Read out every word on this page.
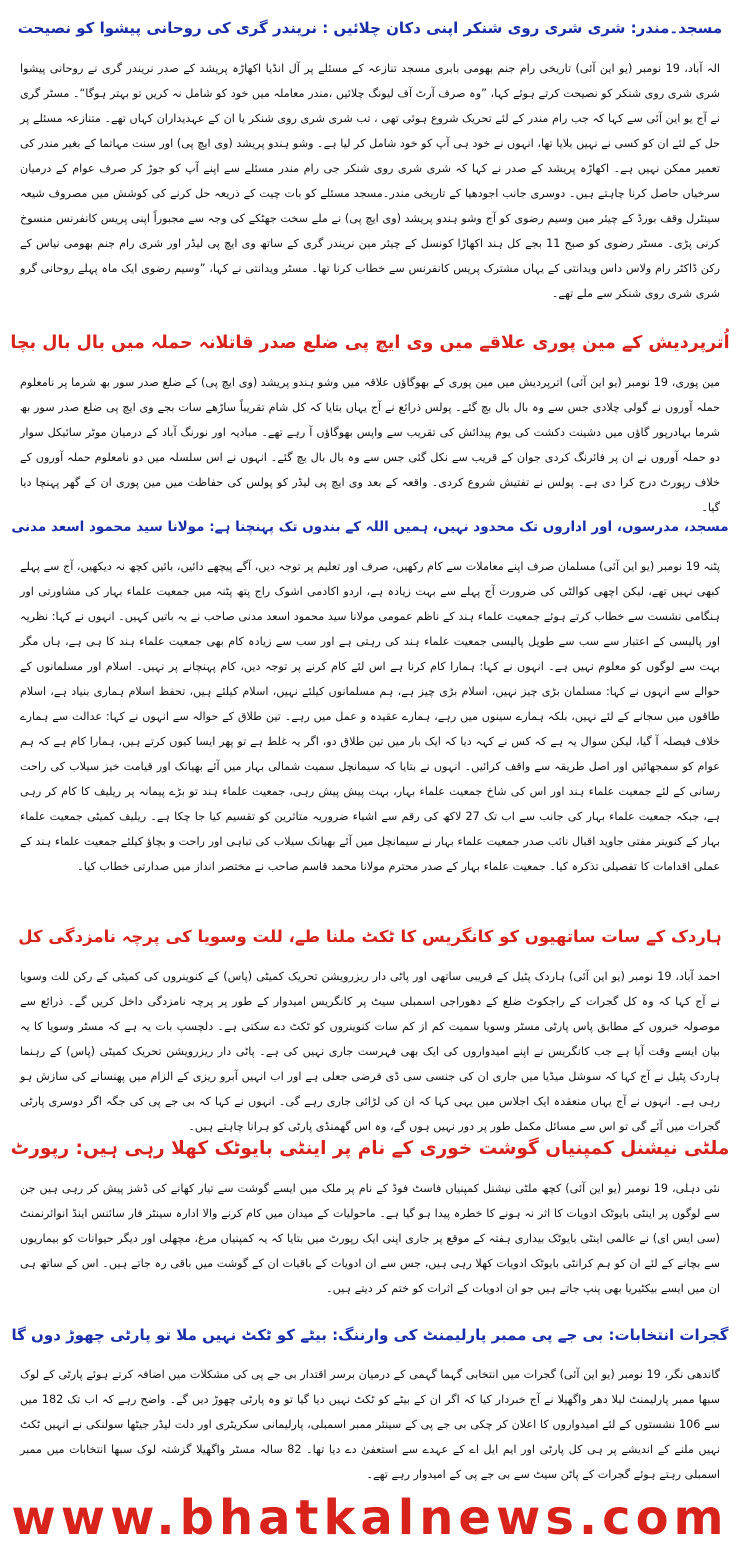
مسجد۔مندر: شری شری روی شنکر اپنی دکان چلائیں : نریندر گری کی روحانی پیشوا کو نصیحت

الہ آباد، 19 نومبر (یو این آئی) تاریخی رام جنم بھومی بابری مسجد تنازعہ کے مسئلے پر آل انڈیا اکھاڑہ پریشد کے صدر نریندر گری نے روحانی پیشوا شری شری روی شنکر کو نصیحت کرتے ہوئے کہا، ”وہ صرف آرٹ آف لیونگ چلائیں ،مندر معاملہ میں خود کو شامل نہ کریں تو بہتر ہوگا“۔ مسٹر گری نے آج یو این آئی سے کہا کہ جب رام مندر کے لئے تحریک شروع ہوئی تھی ، تب شری شری روی شنکر یا ان کے عہدیداران کہاں تھے۔ متنازعہ مسئلے پر حل کے لئے ان کو کسی نے نہیں بلایا تھا، انہوں نے خود ہی آپ کو خود شامل کر لیا ہے۔ وشو ہندو پریشد (وی ایچ پی) اور سنت مہاتما کے بغیر مندر کی تعمیر ممکن نہیں ہے۔ اکھاڑہ پریشد کے صدر نے کہا کہ شری شری روی شنکر جی رام مندر مسئلے سے اپنے آپ کو جوڑ کر صرف عوام کے درمیان سرخیاں حاصل کرنا چاہتے ہیں۔ دوسری جانب اجودھیا کے تاریخی مندر۔مسجد مسئلے کو بات چیت کے ذریعہ حل کرنے کی کوشش میں مصروف شیعہ سینٹرل وقف بورڈ کے چیئر مین وسیم رضوی کو آج وشو ہندو پریشد (وی ایچ پی) نے ملے سخت جھٹکے کی وجہ سے مجبوراً اپنی پریس کانفرنس منسوخ کرنی پڑی۔ مسٹر رضوی کو صبح 11 بجے کل ہند اکھاڑا کونسل کے چیئر مین نریندر گری کے ساتھ وی ایچ پی لیڈر اور شری رام جنم بھومی نیاس کے رکن ڈاکٹر رام ولاس داس ویدانتی کے یہاں مشترک پریس کانفرنس سے خطاب کرنا تھا۔ مسٹر ویدانتی نے کہا، ”وسیم رضوی ایک ماہ پہلے روحانی گرو شری شری روی شنکر سے ملے تھے۔

اُترپردیش کے مین پوری علاقے میں وی ایچ پی ضلع صدر قاتلانہ حملہ میں بال بال بچا

مین پوری، 19 نومبر (یو این آئی) اترپردیش میں مین پوری کے بھوگاؤں علاقہ میں وشو ہندو پریشد (وی ایچ پی) کے ضلع صدر سور بھ شرما پر نامعلوم حملہ آوروں نے گولی چلادی جس سے وہ بال بال بچ گئے۔ پولس ذرائع نے آج یہاں بتایا کہ کل شام تقریباً ساڑھے سات بجے وی ایچ پی ضلع صدر سور بھ شرما بہادرپور گاؤں میں دشینت دکشت کی یوم پیدائش کی تقریب سے واپس بھوگاؤں آ رہے تھے۔ مبادیہ اور نورنگ آباد کے درمیان موٹر سائیکل سوار دو حملہ آوروں نے ان پر فائرنگ کردی جوان کے قریب سے نکل گئی جس سے وہ بال بال بچ گئے۔ انہوں نے اس سلسلہ میں دو نامعلوم حملہ آوروں کے خلاف رپورٹ درج کرا دی ہے۔ پولس نے تفتیش شروع کردی۔ واقعہ کے بعد وی ایچ پی لیڈر کو پولس کی حفاظت میں مین پوری ان کے گھر پہنچا دیا گیا۔

مسجد، مدرسوں، اور اداروں تک محدود نہیں، ہمیں اللہ کے بندوں تک پہنچنا ہے: مولانا سید محمود اسعد مدنی

پٹنہ 19 نومبر (یو این آئی) مسلمان صرف اپنے معاملات سے کام رکھیں، صرف اور تعلیم پر توجہ دیں، آگے پیچھے دائیں، بائیں کچھ نہ دیکھیں، آج سے پہلے کبھی نہیں تھے، لیکن اچھی کوالٹی کی ضرورت آج پہلے سے بہت زیادہ ہے، اردو اکادمی اشوک راج پتھ پٹنہ میں جمعیت علماء بہار کی مشاورتی اور ہنگامی نشست سے خطاب کرتے ہوئے جمعیت علماء ہند کے ناظم عمومی مولانا سید محمود اسعد مدنی صاحب نے یہ باتیں کہیں۔ انہوں نے کہا: نظریہ اور پالیسی کے اعتبار سے سب سے طویل پالیسی جمعیت علماء ہند کی رہتی ہے اور سب سے زیادہ کام بھی جمعیت علماء ہند کا ہی ہے، ہاں مگر بہت سے لوگوں کو معلوم نہیں ہے۔ انہوں نے کہا: ہمارا کام کرنا ہے اس لئے کام کرنے پر توجہ دیں، کام پہنچانے پر نہیں۔ اسلام اور مسلمانوں کے حوالے سے انہوں نے کہا: مسلمان بڑی چیز نہیں، اسلام بڑی چیز ہے، ہم مسلمانوں کیلئے نہیں، اسلام کیلئے ہیں، تحفظ اسلام ہماری بنیاد ہے، اسلام طاقوں میں سجانے کے لئے نہیں، بلکہ ہمارے سینوں میں رہے، ہمارے عقیدہ و عمل میں رہے۔ تین طلاق کے حوالہ سے انہوں نے کہا: عدالت سے ہمارے خلاف فیصلہ آ گیا، لیکن سوال یہ ہے کہ کس نے کہہ دیا کہ ایک بار میں تین طلاق دو، اگر یہ غلط ہے تو پھر ایسا کیوں کرتے ہیں، ہمارا کام ہے کہ ہم عوام کو سمجھائیں اور اصل طریقہ سے واقف کرائیں۔ انہوں نے بتایا کہ سیمانچل سمیت شمالی بہار میں آئے بھیانک اور قیامت خیز سیلاب کی راحت رسانی کے لئے جمعیت علماء ہند اور اس کی شاخ جمعیت علماء بہار، بہت پیش پیش رہی، جمعیت علماء ہند تو بڑے پیمانہ پر ریلیف کا کام کر رہی ہے، جبکہ جمعیت علماء بہار کی جانب سے اب تک 27 لاکھ کی رقم سے اشیاء ضروریہ متاثرین کو تقسیم کیا جا چکا ہے۔ ریلیف کمیٹی جمعیت علماء بہار کے کنوینر مفتی جاوید اقبال نائب صدر جمعیت علماء بہار نے سیمانچل میں آئے بھیانک سیلاب کی تباہی اور راحت و بچاؤ کیلئے جمعیت علماء ہند کے عملی اقدامات کا تفصیلی تذکرہ کیا۔ جمعیت علماء بہار کے صدر محترم مولانا محمد قاسم صاحب نے مختصر انداز میں صدارتی خطاب کیا۔

ہاردک کے سات ساتھیوں کو کانگریس کا ٹکٹ ملنا طے، للت وسویا کی پرچہ نامزدگی کل

احمد آباد، 19 نومبر (یو این آئی) ہاردک پٹیل کے قریبی ساتھی اور پاٹی دار ریزرویشن تحریک کمیٹی (پاس) کے کنوینروں کی کمیٹی کے رکن للت وسویا نے آج کہا کہ وہ کل گجرات کے راجکوٹ ضلع کے دھوراجی اسمبلی سیٹ پر کانگریس امیدوار کے طور پر پرچہ نامزدگی داخل کریں گے۔ ذرائع سے موصولہ خبروں کے مطابق پاس پارٹی مسٹر وسویا سمیت کم از کم سات کنوینروں کو ٹکٹ دے سکتی ہے۔ دلچسپ بات یہ ہے کہ مسٹر وسویا کا یہ بیان ایسے وقت آیا ہے جب کانگریس نے اپنے امیدواروں کی ایک بھی فہرست جاری نہیں کی ہے۔ پاٹی دار ریزرویشن تحریک کمیٹی (پاس) کے رہنما ہاردک پٹیل نے آج کہا کہ سوشل میڈیا میں جاری ان کی جنسی سی ڈی فرضی جعلی ہے اور اب انہیں آبرو ریزی کے الزام میں پھنسانے کی سازش ہو رہی ہے۔ انہوں نے آج یہاں منعقدہ ایک اجلاس میں یہی کہا کہ ان کی لڑائی جاری رہے گی۔ انہوں نے کہا کہ بی جے پی کی جگہ اگر دوسری پارٹی گجرات میں آئے گی تو اس سے مسائل مکمل طور پر دور نہیں ہوں گے، وہ اس گھمنڈی پارٹی کو ہرانا چاہتے ہیں۔

ملٹی نیشنل کمپنیاں گوشت خوری کے نام پر اینٹی بایوٹک کھلا رہی ہیں: رپورٹ

نئی دہلی، 19 نومبر (یو این آئی) کچھ ملٹی نیشنل کمپنیاں فاسٹ فوڈ کے نام پر ملک میں ایسے گوشت سے تیار کھانے کی ڈشز پیش کر رہی ہیں جن سے لوگوں پر اینٹی بایوٹک ادویات کا اثر نہ ہونے کا خطرہ پیدا ہو گیا ہے۔ ماحولیات کے میدان میں کام کرنے والا ادارہ سینٹر فار سائنس اینڈ انوائرنمنٹ (سی ایس ای) نے عالمی اینٹی بایوٹک بیداری ہفتہ کے موقع پر جاری اپنی ایک رپورٹ میں بتایا کہ یہ کمپنیاں مرغ، مچھلی اور دیگر حیوانات کو بیماریوں سے بچانے کے لئے ان کو ہم کرانٹی بایوٹک ادویات کھلا رہی ہیں، جس سے ان ادویات کے باقیات ان کے گوشت میں باقی رہ جاتے ہیں۔ اس کے ساتھ ہی ان میں ایسے بیکٹیریا بھی پنپ جاتے ہیں جو ان ادویات کے اثرات کو ختم کر دیتے ہیں۔

گجرات انتخابات: بی جے پی ممبر پارلیمنٹ کی وارننگ: بیٹے کو ٹکٹ نہیں ملا تو پارٹی چھوڑ دوں گا

گاندھی نگر، 19 نومبر (یو این آئی) گجرات میں انتخابی گہما گہمی کے درمیان برسر اقتدار بی جے پی کی مشکلات میں اضافہ کرتے ہوئے پارٹی کے لوک سبھا ممبر پارلیمنٹ لیلا دھر واگھیلا نے آج خبردار کیا کہ اگر ان کے بیٹے کو ٹکٹ نہیں دیا گیا تو وہ پارٹی چھوڑ دیں گے۔ واضح رہے کہ اب تک 182 میں سے 106 نشستوں کے لئے امیدواروں کا اعلان کر چکی بی جے پی کے سینئر ممبر اسمبلی، پارلیمانی سکریٹری اور دلت لیڈر جیٹھا سولنکی نے انہیں ٹکٹ نہیں ملنے کے اندیشے پر ہی کل پارٹی اور ایم ایل اے کے عہدے سے استعفیٰ دے دیا تھا۔ 82 سالہ مسٹر واگھیلا گزشتہ لوک سبھا انتخابات میں ممبر اسمبلی رہتے ہوئے گجرات کے پاٹن سیٹ سے بی جے پی کے امیدوار رہے تھے۔

www.bhatkalnews.com
